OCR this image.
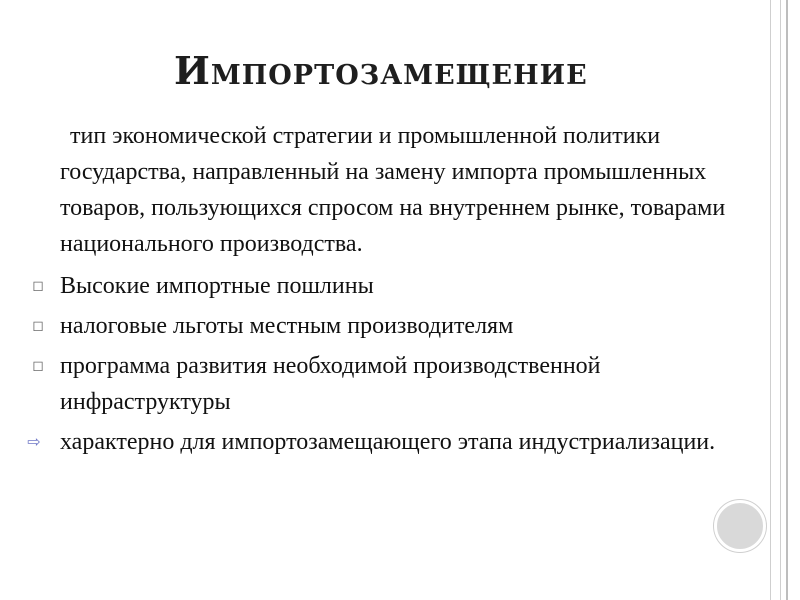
Импортозамещение
тип экономической стратегии и промышленной политики государства, направленный на замену импорта промышленных товаров, пользующихся спросом на внутреннем рынке, товарами национального производства.
◻ Высокие импортные пошлины
◻ налоговые льготы местным производителям
◻ программа развития необходимой производственной инфраструктуры
⇨ характерно для импортозамещающего этапа индустриализации.
